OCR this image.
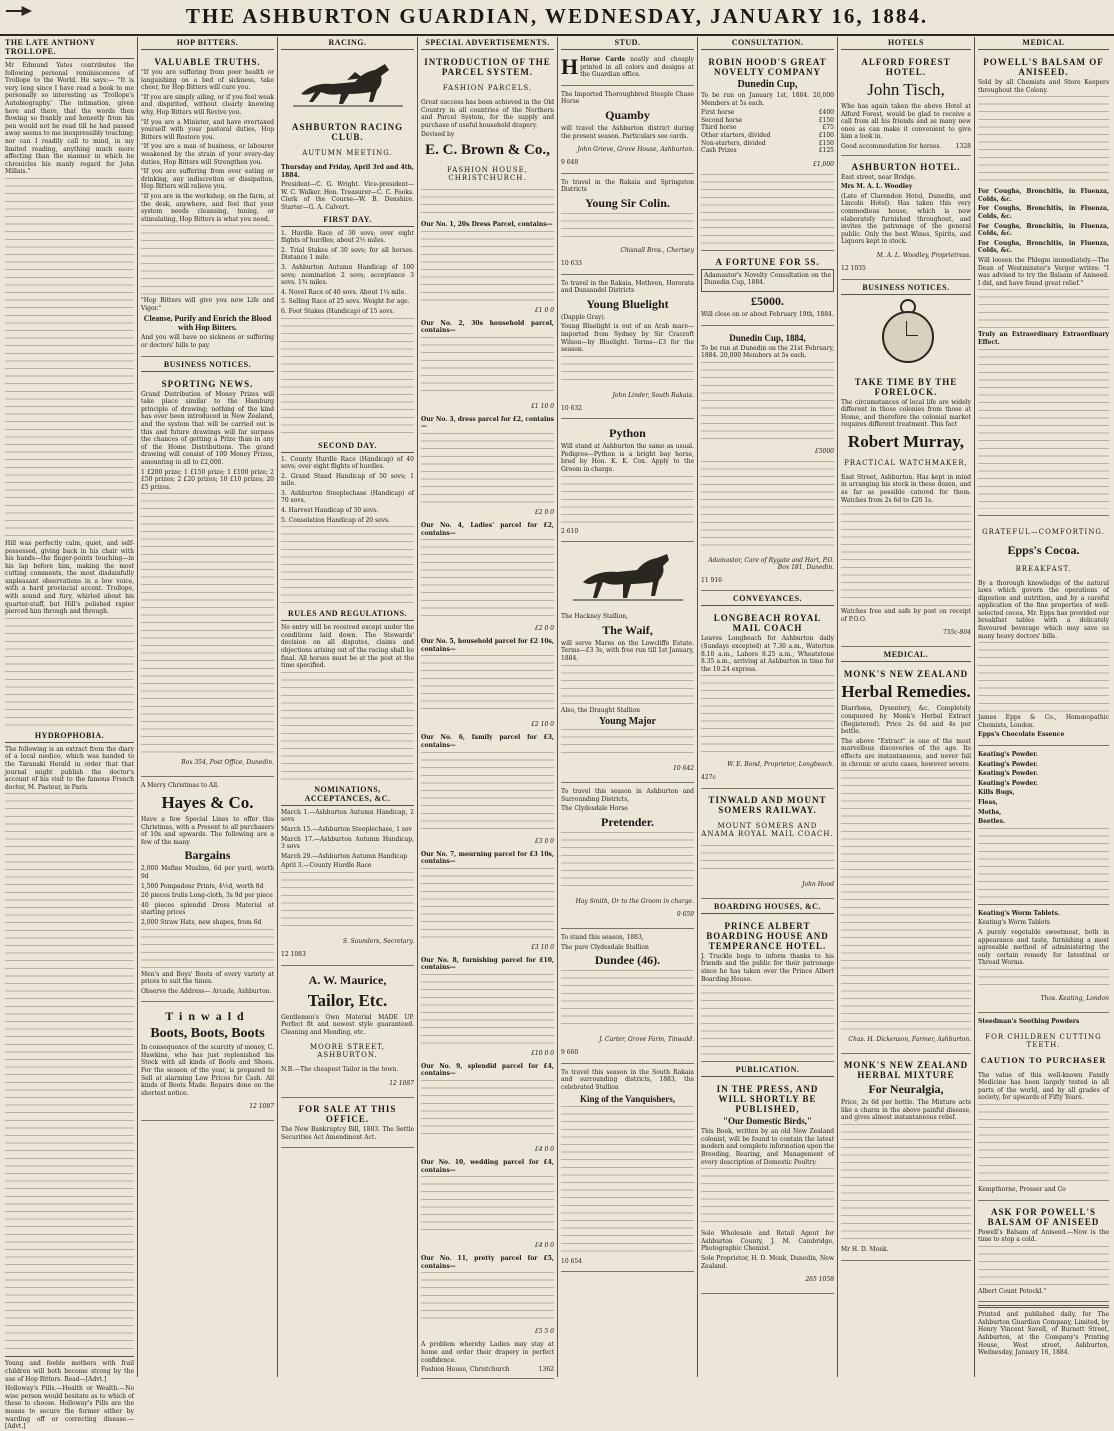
THE ASHBURTON GUARDIAN, WEDNESDAY, JANUARY 16, 1884.
THE LATE ANTHONY TROLLOPE.

Mr Edmund Yates contributes the following personal reminiscences of Trollope to the World. He says:— "It is very long since I have read a book to me personally so interesting as 'Trollope's Autobiography.' The intimation, given here and there, that the words then flowing so frankly and honestly from his pen would not be read till he had passed away seems to me inexpressibly touching; nor can I readily call to mind, in my limited reading, anything much more affecting than the manner in which he chronicles his manly regard for John Millais."

Hill was perfectly calm, quiet, and self-possessed, giving back in his chair with his hands—the finger-points touching—in his lap before him, making the most cutting comments, the most disdainfully unpleasant observations in a low voice, with a hard provincial accent. Trollope, with sound and fury, whirled about his quarter-staff, but Hill's polished rapier pierced him through and through.

HYDROPHOBIA.

The following is an extract from the diary of a local medico, which was handed to the Taranaki Herald in order that that journal might publish the doctor's account of his visit to the famous French doctor, M. Pasteur, in Paris.

Young and feeble mothers with frail children will both become strong by the use of Hop Bitters. Read—[Advt.]

Holloway's Pills.—Health or Wealth.—No wise person would hesitate as to which of these to choose. Holloway's Pills are the means to secure the former either by warding off or correcting disease.—[Advt.]

HOP BITTERS.
VALUABLE TRUTHS.

"If you are suffering from poor health or languishing on a bed of sickness, take cheer, for Hop Bitters will cure you.

"If you are simply ailing, or if you feel weak and dispirited, without clearly knowing why, Hop Bitters will Revive you.

"If you are a Minister, and have overtaxed yourself with your pastoral duties, Hop Bitters will Restore you.

"If you are a man of business, or labourer weakened by the strain of your every-day duties, Hop Bitters will Strengthen you.

"If you are suffering from over eating or drinking, any indiscretion or dissipation, Hop Bitters will relieve you.

"If you are in the workshop, on the farm, at the desk, anywhere, and feel that your system needs cleansing, toning, or stimulating, Hop Bitters is what you need.

"Hop Bitters will give you new Life and Vigor."

Cleanse, Purify and Enrich the Blood with Hop Bitters.

And you will have no sickness or suffering or doctors' bills to pay.

BUSINESS NOTICES.
SPORTING NEWS.

Grand Distribution of Money Prizes will take place similar to the Hamburg principle of drawing; nothing of the kind has ever been introduced in New Zealand, and the system that will be carried out is this and future drawings will far surpass the chances of getting a Prize than in any of the Home Distributions. The grand drawing will consist of 100 Money Prizes, amounting in all to £2,000.

1 £200 prize; 1 £150 prize; 1 £100 prize; 2 £50 prizes; 2 £20 prizes; 10 £10 prizes; 20 £5 prizes.

Box 354, Post Office, Dunedin.

A Merry Christmas to All.

Hayes & Co.

Have a few Special Lines to offer this Christmas, with a Present to all purchasers of 10s and upwards. The following are a few of the many

Bargains

2,000 Mafine Muslins, 6d per yard, worth 9d

1,500 Pompadour Prints, 4½d, worth 8d

20 pieces Irulis Long-cloth, 3s 9d per piece

40 pieces splendid Dress Material at starting prices

2,000 Straw Hats, new shapes, from 6d

Men's and Boys' Boots of every variety at prices to suit the times.

Observe the Address— Arcade, Ashburton.

Tinwald
Boots, Boots, Boots

In consequence of the scarcity of money, C. Hawkins, who has just replenished his Stock with all kinds of Boots and Shoes. For the season of the year, is prepared to Sell at alarming Low Prices for Cash. All kinds of Boots Made. Repairs done on the shortest notice.

12 1087

RACING.
ASHBURTON RACING CLUB.

AUTUMN MEETING.

Thursday and Friday, April 3rd and 4th, 1884.

President—C. G. Wright. Vice-president—W. C. Walker. Hon. Treasurer—C. C. Fooks. Clerk of the Course—W. B. Denshire. Starter—G. A. Calvert.

FIRST DAY.

1. Hurdle Race of 30 sovs; over eight flights of hurdles; about 2½ miles.

2. Trial Stakes of 30 sovs; for all horses. Distance 1 mile.

3. Ashburton Autumn Handicap of 100 sovs; nomination 2 sovs; acceptance 3 sovs. 1¾ miles.

4. Novel Race of 40 sovs. About 1¼ mile.

5. Selling Race of 25 sovs. Weight for age.

6. Foot Stakes (Handicap) of 15 sovs.

SECOND DAY.

1. County Hurdle Race (Handicap) of 40 sovs; over eight flights of hurdles.

2. Grand Stand Handicap of 50 sovs; 1 mile.

3. Ashburton Steeplechase (Handicap) of 70 sovs.

4. Harvest Handicap of 30 sovs.

5. Consolation Handicap of 20 sovs.

RULES AND REGULATIONS.

No entry will be received except under the conditions laid down. The Stewards' decision on all disputes, claims and objections arising out of the racing shall be final. All horses must be at the post at the time specified.

NOMINATIONS, ACCEPTANCES, &C.

March 1.—Ashburton Autumn Handicap, 2 sovs

March 15.—Ashburton Steeplechase, 1 sov

March 17.—Ashburton Autumn Handicap, 3 sovs

March 29.—Ashburton Autumn Handicap

April 3.—County Hurdle Race

S. Saunders, Secretary.

12 1083

A. W. Maurice,
Tailor, Etc.

Gentlemen's Own Material MADE UP. Perfect fit and newest style guaranteed. Cleaning and Mending, etc.

MOORE STREET, ASHBURTON.

N.B.—The cheapest Tailor in the town.

12 1087

FOR SALE AT THIS OFFICE.

The New Bankruptcy Bill, 1883. The Settle Securities Act Amendment Act.

SPECIAL ADVERTISEMENTS.
INTRODUCTION OF THE PARCEL SYSTEM.

FASHION PARCELS.

Great success has been achieved in the Old Country in all countries of the Northern and Parcel System, for the supply and purchase of useful household drapery.

Devised by

E. C. Brown & Co.,

FASHION HOUSE, CHRISTCHURCH.

Our No. 1, 20s Dress Parcel, contains—

£1 0 0

Our No. 2, 30s household parcel, contains—

£1 10 0

Our No. 3, dress parcel for £2, contains—

£2 0 0

Our No. 4, Ladies' parcel for £2, contains—

£2 0 0

Our No. 5, household parcel for £2 10s, contains—

£2 10 0

Our No. 6, family parcel for £3, contains—

£3 0 0

Our No. 7, mourning parcel for £3 10s, contains—

£3 10 0

Our No. 8, furnishing parcel for £10, contains—

£10 0 0

Our No. 9, splendid parcel for £4, contains—

£4 0 0

Our No. 10, wedding parcel for £4, contains—

£4 0 0

Our No. 11, pretty parcel for £5, contains—

£5 5 0

A problem whereby Ladies may stay at home and order their drapery in perfect confidence.

Fashion House, Christchurch	1362
STUD.

H Horse Cards neatly and cheaply printed in all colors and designs at the Guardian office.

The Imported Thoroughbred Steeple Chase Horse

Quamby

will travel the Ashburton district during the present season. Particulars see cards.

John Grieve, Grove House, Ashburton.

9 648

To travel in the Rakaia and Springston Districts

Young Sir Colin.

Chisnall Bros., Chertsey

10 633

To travel in the Rakaia, Methven, Hororata and Dunsandel Districts

Young Bluelight

(Dapple Gray).

Young Bluelight is out of an Arab mare—imported from Sydney by Sir Cracroft Wilson—by Bluelight. Terms—£3 for the season.

John Linder, South Rakaia.

10 632

Python

Will stand at Ashburton the same as usual. Pedigree—Python is a bright bay horse, bred by Hon. K. K. Cox. Apply to the Groom in charge.

2 610

The Hackney Stallion,

The Waif,

will serve Mares on the Lowcliffe Estate. Terms—£3 3s, with free run till 1st January, 1884.

Also, the Draught Stallion

Young Major

10 642

To travel this season in Ashburton and Surrounding Districts,

The Clydesdale Horse

Pretender.

Hay Smith, Or to the Groom in charge.

9 659

To stand this season, 1883,

The pure Clydesdale Stallion

Dundee (46).

J. Carter, Grove Farm, Tinwald.

9 660

To travel this season in the South Rakaia and surrounding districts, 1883, the celebrated Stallion

King of the Vanquishers,

10 654

CONSULTATION.
ROBIN HOOD'S GREAT NOVELTY COMPANY
Dunedin Cup,

To be run on January 1st, 1884. 20,000 Members at 5s each.

First horse	£400
Second horse	£150
Third horse	£75
Other starters, divided	£100
Non-starters, divided	£150
Cash Prizes	£125

£1,000

A FORTUNE FOR 5S.

Adamastor's Novelty Consultation on the Dunedin Cup, 1884.

£5000.

Will close on or about February 19th, 1884.

Dunedin Cup, 1884,

To be run at Dunedin on the 21st February, 1884. 20,000 Members at 5s each.

£5000

Adamastor, Care of Rygate and Hart, P.O. Box 181, Dunedin.

11 916

CONVEYANCES.
LONGBEACH ROYAL MAIL COACH

Leaves Longbeach for Ashburton daily (Sundays excepted) at 7.30 a.m., Waterton 8.10 a.m., Lahore 8.25 a.m., Wheatstone 8.35 a.m., arriving at Ashburton in time for the 10.24 express.

W. E. Bond, Proprietor, Longbeach.

427c

TINWALD AND MOUNT SOMERS RAILWAY.

MOUNT SOMERS AND ANAMA ROYAL MAIL COACH.

John Hood

BOARDING HOUSES, &C.
PRINCE ALBERT BOARDING HOUSE AND TEMPERANCE HOTEL.

J. Truckle begs to inform thanks to his friends and the public for their patronage since he has taken over the Prince Albert Boarding House.

PUBLICATION.
IN THE PRESS, AND WILL SHORTLY BE PUBLISHED,
"Our Domestic Birds,"

This Book, written by an old New Zealand colonist, will be found to contain the latest modern and complete information upon the Breeding, Rearing, and Management of every description of Domestic Poultry.

Sole Wholesale and Retail Agent for Ashburton County, J. M. Cambridge, Photographic Chemist.

Sole Proprietor, H. D. Monk, Dunedin, New Zealand.

265 1058

HOTELS
ALFORD FOREST HOTEL.
John Tisch,

Who has again taken the above Hotel at Alford Forest, would be glad to receive a call from all his friends and as many new ones as can make it convenient to give him a look in.

Good accommodation for horses. 1328
ASHBURTON HOTEL.

East street, near Bridge.

Mrs M. A. L. Woodley

(Late of Clarendon Hotel, Dunedin, and Lincoln Hotel). Has taken this very commodious house, which is now elaborately furnished throughout, and invites the patronage of the general public. Only the best Wines, Spirits, and Liquors kept in stock.

M. A. L. Woodley, Proprietress.

12 1035

BUSINESS NOTICES.
TAKE TIME BY THE FORELOCK.

The circumstances of local life are widely different in those colonies from those at Home, and therefore the colonial market requires different treatment. This fact

Robert Murray,

PRACTICAL WATCHMAKER,

East Street, Ashburton. Has kept in mind in arranging his stock in these dozen, and as far as possible catered for them. Watches from 2s 6d to £20 1s.

Watches free and safe by post on receipt of P.O.O.

735c-804

MEDICAL.
MONK'S NEW ZEALAND
Herbal Remedies.

Diarrhœa, Dysentery, &c. Completely conquered by Monk's Herbal Extract (Registered). Price 2s 6d and 4s per bottle.

The above "Extract" is one of the most marvellous discoveries of the age. Its effects are instantaneous, and never fail in chronic or acute cases, however severe.

Chas. H. Dickenson, Farmer, Ashburton.

MONK'S NEW ZEALAND HERBAL MIXTURE
For Neuralgia,

Price, 2s 6d per bottle. The Mixture acts like a charm in the above painful disease, and gives almost instantaneous relief.

Mr H. D. Monk.

MEDICAL
POWELL'S BALSAM OF ANISEED.

Sold by all Chemists and Store Keepers throughout the Colony.

For Coughs, Bronchitis, in Fluenza, Colds, &c.

For Coughs, Bronchitis, in Fluenza, Colds, &c.

For Coughs, Bronchitis, in Fluenza, Colds, &c.

For Coughs, Bronchitis, in Fluenza, Colds, &c.

Will loosen the Phlegm immediately.—The Dean of Westminster's Verger writes: "I was advised to try the Balsam of Aniseed. I did, and have found great relief."

Truly an Extraordinary Extraordinary Effect.

GRATEFUL—COMFORTING.

Epps's Cocoa.

BREAKFAST.

By a thorough knowledge of the natural laws which govern the operations of digestion and nutrition, and by a careful application of the fine properties of well-selected cocoa, Mr. Epps has provided our breakfast tables with a delicately flavoured beverage which may save us many heavy doctors' bills.

James Epps & Co., Homœopathic Chemists, London.

Epps's Chocolate Essence

Keating's Powder.

Keating's Powder.

Keating's Powder.

Keating's Powder.

Kills Bugs,

Fleas,

Moths,

Beetles.

Keating's Worm Tablets.

Keating's Worm Tablets

A purely vegetable sweetmeat, both in appearance and taste, furnishing a most agreeable method of administering the only certain remedy for Intestinal or Thread Worms.

Thos. Keating, London

Steedman's Soothing Powders

FOR CHILDREN CUTTING TEETH.

CAUTION TO PURCHASER

The value of this well-known Family Medicine has been largely tested in all parts of the world, and by all grades of society, for upwards of Fifty Years.

Kempthorne, Prosser and Co

ASK FOR POWELL'S BALSAM OF ANISEED

Powell's Balsam of Aniseed.—Now is the time to stop a cold.

Albert Count Potockl."

Printed and published daily, for The Ashburton Guardian Company, Limited, by Henry Vincent Savell, of Burnett Street, Ashburton, at the Company's Printing House, West street, Ashburton, Wednesday, January 16, 1884.
